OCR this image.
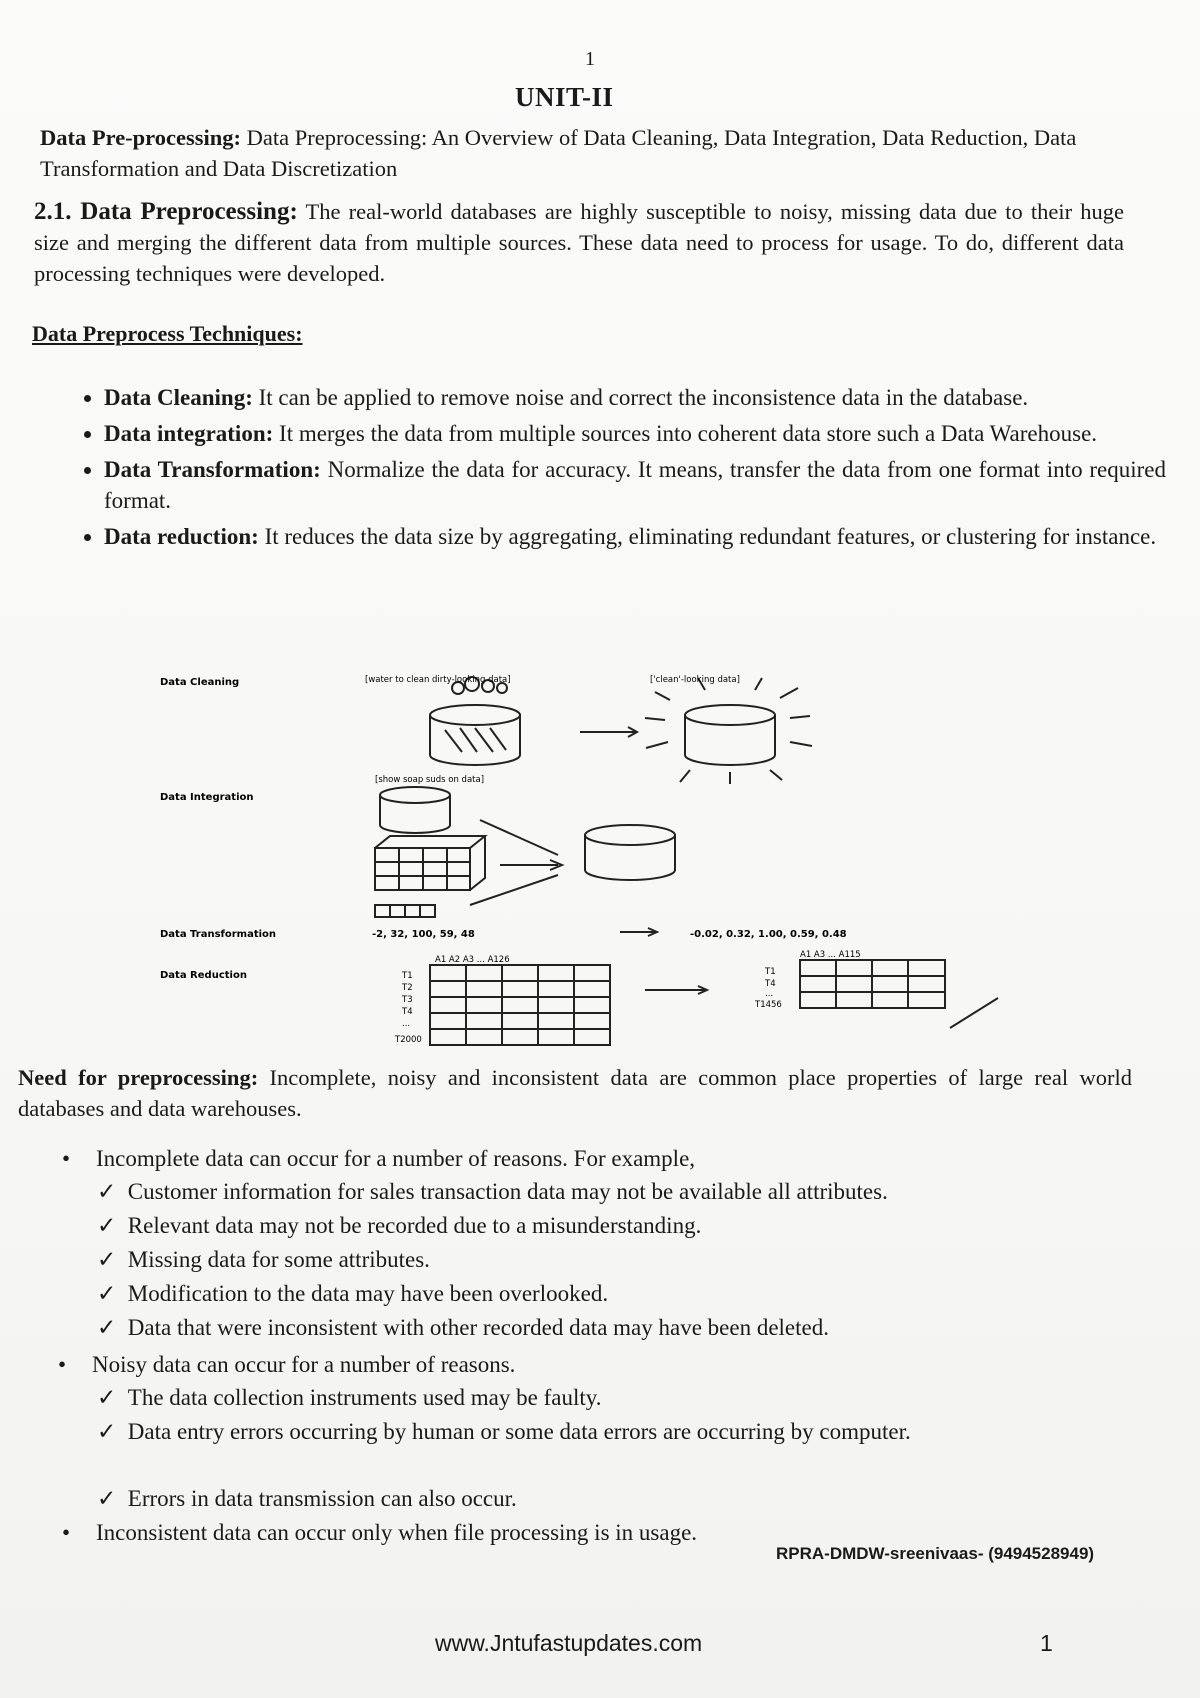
1
UNIT-II
Data Pre-processing: Data Preprocessing: An Overview of Data Cleaning, Data Integration, Data Reduction, Data Transformation and Data Discretization
2.1. Data Preprocessing: The real-world databases are highly susceptible to noisy, missing data due to their huge size and merging the different data from multiple sources. These data need to process for usage. To do, different data processing techniques were developed.
Data Preprocess Techniques:
• Data Cleaning: It can be applied to remove noise and correct the inconsistence data in the database.
• Data integration: It merges the data from multiple sources into coherent data store such a Data Warehouse.
• Data Transformation: Normalize the data for accuracy. It means, transfer the data from one format into required format.
• Data reduction: It reduces the data size by aggregating, eliminating redundant features, or clustering for instance.
Data Cleaning	[water to clean dirty-looking data]	['clean'-looking data]
[show soap suds on data]
Data Integration
Data Transformation	-2, 32, 100, 59, 48	-0.02, 0.32, 1.00, 0.59, 0.48
Data Reduction
A1 A2 A3 ... A126	A1 A3 ... A115
T1
T2
T3
T4
...
T2000
T1
T4
...
T1456
Need for preprocessing: Incomplete, noisy and inconsistent data are common place properties of large real world databases and data warehouses.
• Incomplete data can occur for a number of reasons. For example,
✓  Customer information for sales transaction data may not be available all attributes.
✓  Relevant data may not be recorded due to a misunderstanding.
✓  Missing data for some attributes.
✓  Modification to the data may have been overlooked.
✓  Data that were inconsistent with other recorded data may have been deleted.
• Noisy data can occur for a number of reasons.
✓  The data collection instruments used may be faulty.
✓ Data entry errors occurring by human or some data errors are occurring by computer.
✓  Errors in data transmission can also occur.
• Inconsistent data can occur only when file processing is in usage.
RPRA-DMDW-sreenivaas- (9494528949)
www.Jntufastupdates.com	1
